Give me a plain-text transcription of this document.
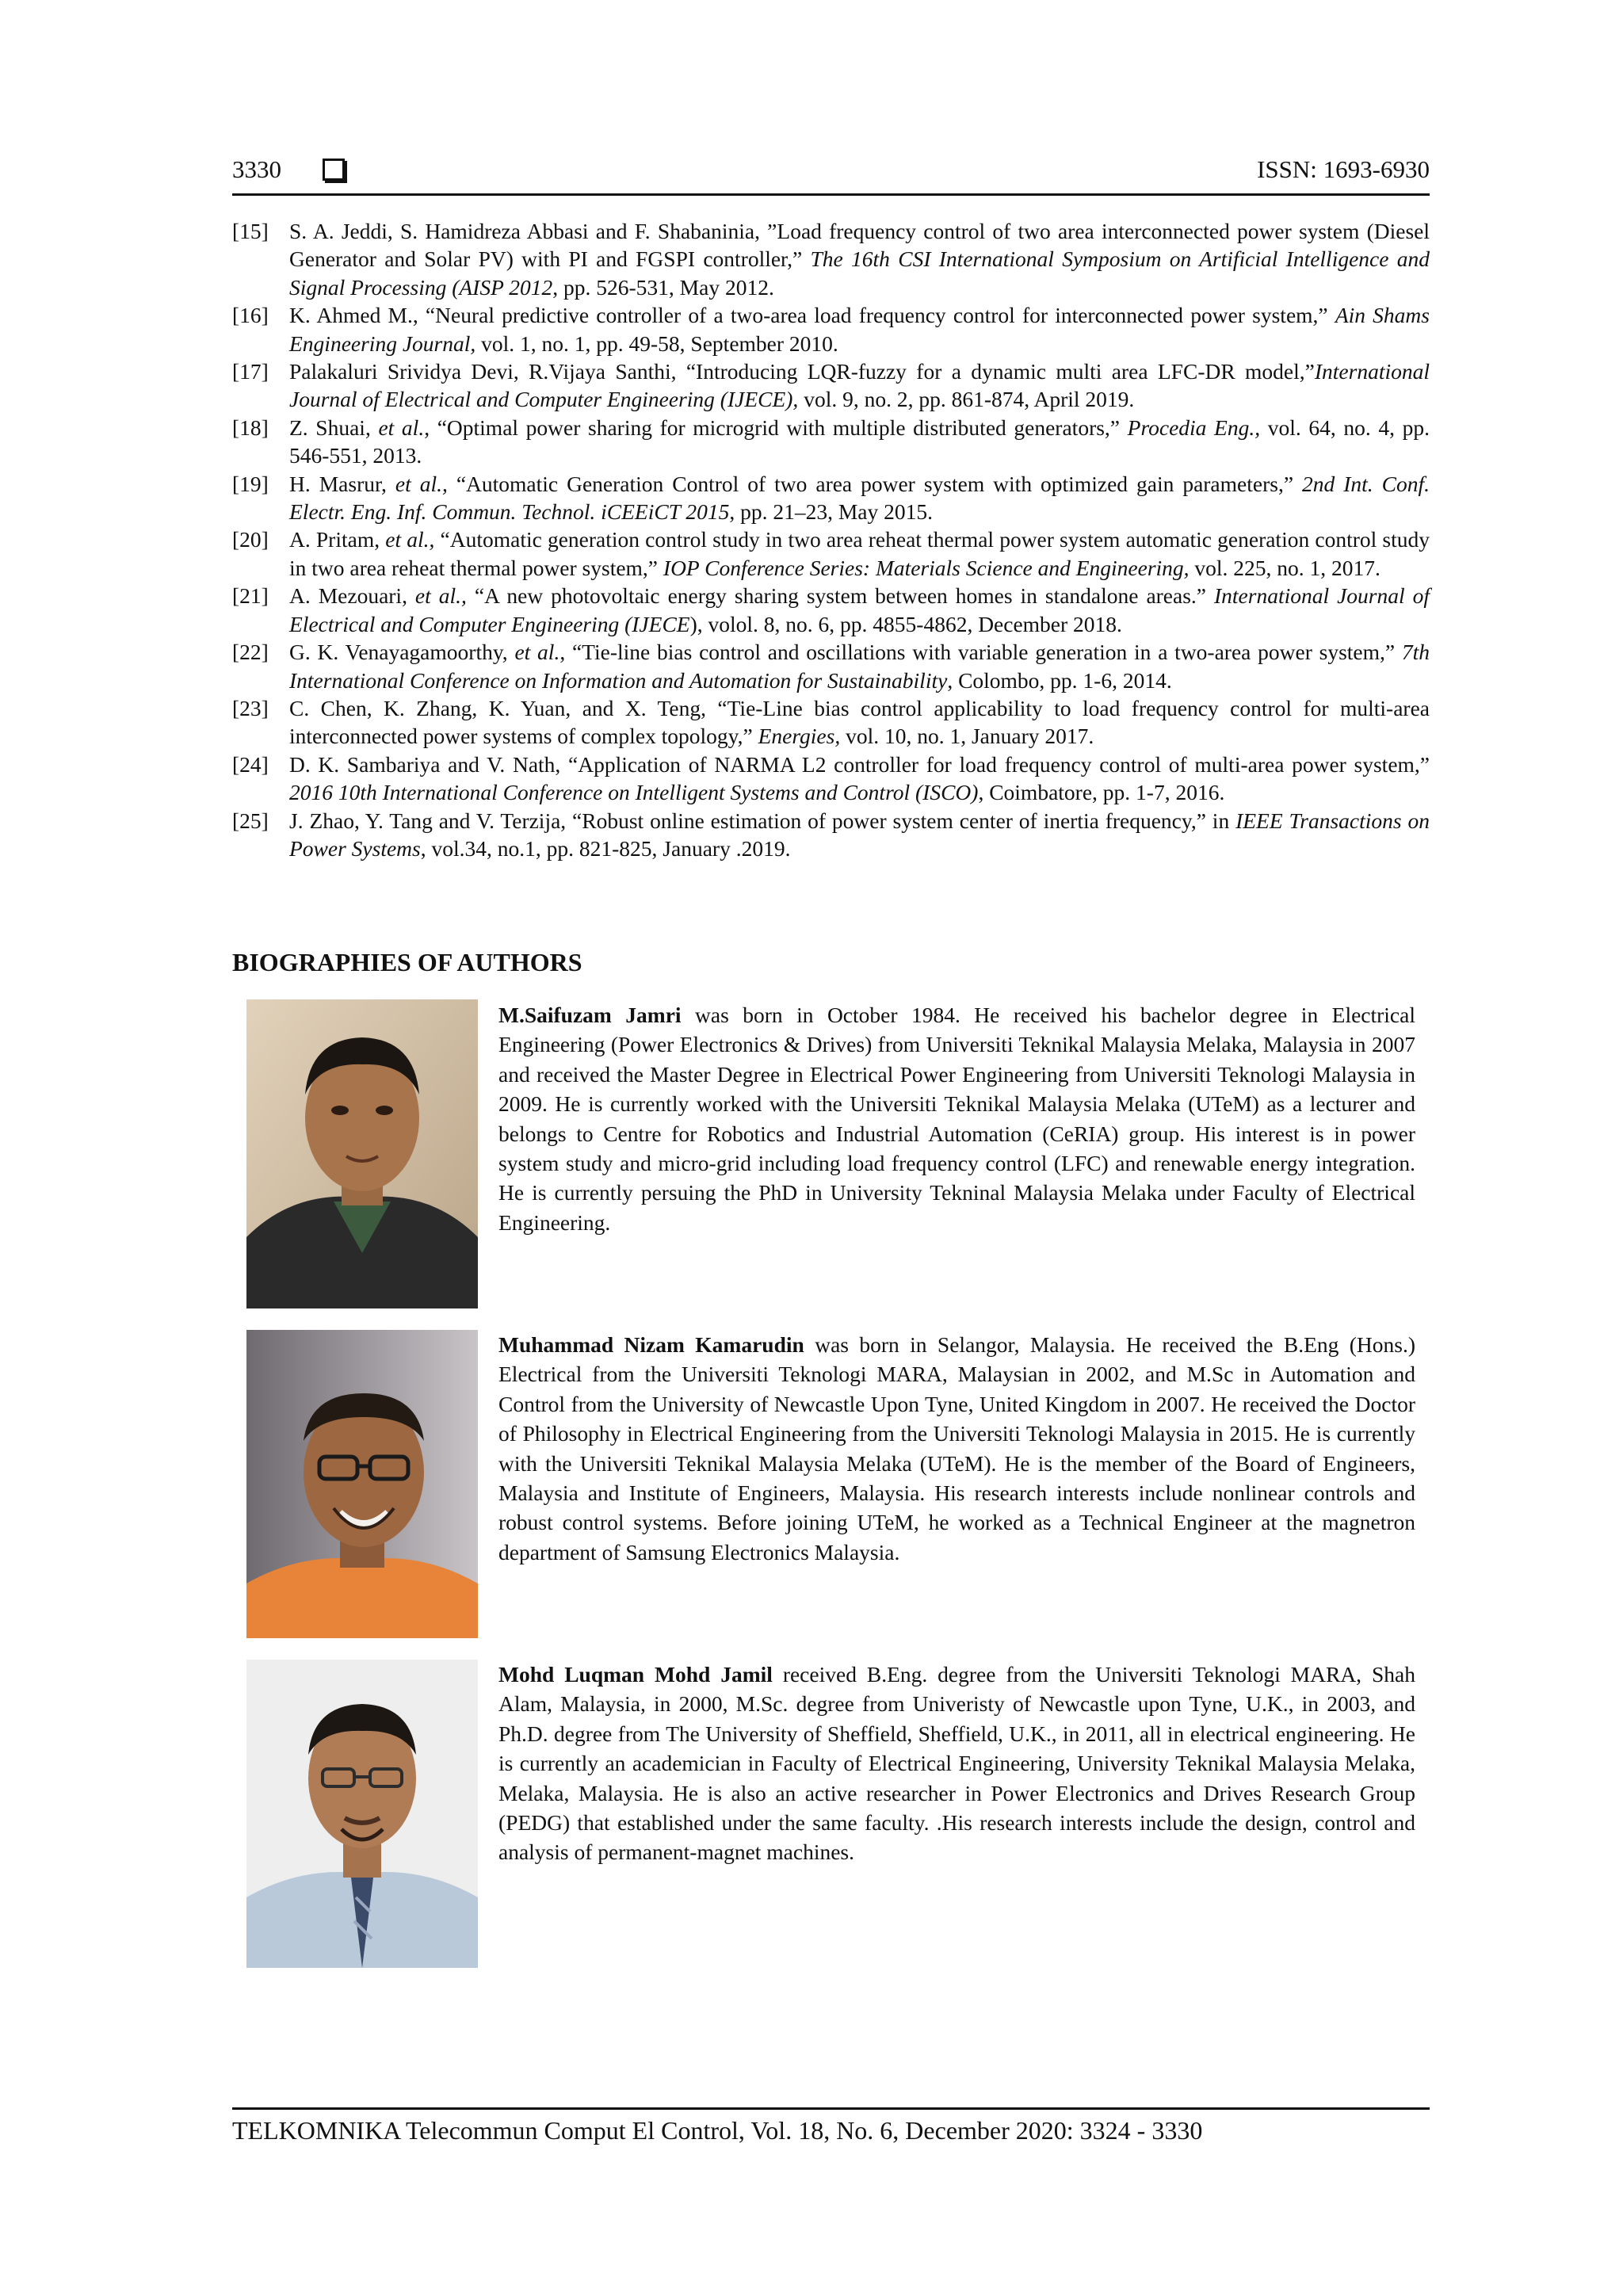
3330	ISSN: 1693-6930
[15] S. A. Jeddi, S. Hamidreza Abbasi and F. Shabaninia, ”Load frequency control of two area interconnected power system (Diesel Generator and Solar PV) with PI and FGSPI controller,” The 16th CSI International Symposium on Artificial Intelligence and Signal Processing (AISP 2012, pp. 526-531, May 2012.
[16] K. Ahmed M., “Neural predictive controller of a two-area load frequency control for interconnected power system,” Ain Shams Engineering Journal, vol. 1, no. 1, pp. 49-58, September 2010.
[17] Palakaluri Srividya Devi, R.Vijaya Santhi, “Introducing LQR-fuzzy for a dynamic multi area LFC-DR model,”International Journal of Electrical and Computer Engineering (IJECE), vol. 9, no. 2, pp. 861-874, April 2019.
[18] Z. Shuai, et al., “Optimal power sharing for microgrid with multiple distributed generators,” Procedia Eng., vol. 64, no. 4, pp. 546-551, 2013.
[19] H. Masrur, et al., “Automatic Generation Control of two area power system with optimized gain parameters,” 2nd Int. Conf. Electr. Eng. Inf. Commun. Technol. iCEEiCT 2015, pp. 21–23, May 2015.
[20] A. Pritam, et al., “Automatic generation control study in two area reheat thermal power system automatic generation control study in two area reheat thermal power system,” IOP Conference Series: Materials Science and Engineering, vol. 225, no. 1, 2017.
[21] A. Mezouari, et al., “A new photovoltaic energy sharing system between homes in standalone areas.” International Journal of Electrical and Computer Engineering (IJECE), volol. 8, no. 6, pp. 4855-4862, December 2018.
[22] G. K. Venayagamoorthy, et al., “Tie-line bias control and oscillations with variable generation in a two-area power system,” 7th International Conference on Information and Automation for Sustainability, Colombo, pp. 1-6, 2014.
[23] C. Chen, K. Zhang, K. Yuan, and X. Teng, “Tie-Line bias control applicability to load frequency control for multi-area interconnected power systems of complex topology,” Energies, vol. 10, no. 1, January 2017.
[24] D. K. Sambariya and V. Nath, “Application of NARMA L2 controller for load frequency control of multi-area power system,” 2016 10th International Conference on Intelligent Systems and Control (ISCO), Coimbatore, pp. 1-7, 2016.
[25] J. Zhao, Y. Tang and V. Terzija, “Robust online estimation of power system center of inertia frequency,” in IEEE Transactions on Power Systems, vol.34, no.1, pp. 821-825, January .2019.
BIOGRAPHIES OF AUTHORS
M.Saifuzam Jamri was born in October 1984. He received his bachelor degree in Electrical Engineering (Power Electronics & Drives) from Universiti Teknikal Malaysia Melaka, Malaysia in 2007 and received the Master Degree in Electrical Power Engineering from Universiti Teknologi Malaysia in 2009. He is currently worked with the Universiti Teknikal Malaysia Melaka (UTeM) as a lecturer and belongs to Centre for Robotics and Industrial Automation (CeRIA) group. His interest is in power system study and micro-grid including load frequency control (LFC) and renewable energy integration. He is currently persuing the PhD in University Tekninal Malaysia Melaka under Faculty of Electrical Engineering.
Muhammad Nizam Kamarudin was born in Selangor, Malaysia. He received the B.Eng (Hons.) Electrical from the Universiti Teknologi MARA, Malaysian in 2002, and M.Sc in Automation and Control from the University of Newcastle Upon Tyne, United Kingdom in 2007. He received the Doctor of Philosophy in Electrical Engineering from the Universiti Teknologi Malaysia in 2015. He is currently with the Universiti Teknikal Malaysia Melaka (UTeM). He is the member of the Board of Engineers, Malaysia and Institute of Engineers, Malaysia. His research interests include nonlinear controls and robust control systems. Before joining UTeM, he worked as a Technical Engineer at the magnetron department of Samsung Electronics Malaysia.
Mohd Luqman Mohd Jamil received B.Eng. degree from the Universiti Teknologi MARA, Shah Alam, Malaysia, in 2000, M.Sc. degree from Univeristy of Newcastle upon Tyne, U.K., in 2003, and Ph.D. degree from The University of Sheffield, Sheffield, U.K., in 2011, all in electrical engineering. He is currently an academician in Faculty of Electrical Engineering, University Teknikal Malaysia Melaka, Melaka, Malaysia. He is also an active researcher in Power Electronics and Drives Research Group (PEDG) that established under the same faculty. .His research interests include the design, control and analysis of permanent-magnet machines.
TELKOMNIKA Telecommun Comput El Control, Vol. 18, No. 6, December 2020: 3324 - 3330
